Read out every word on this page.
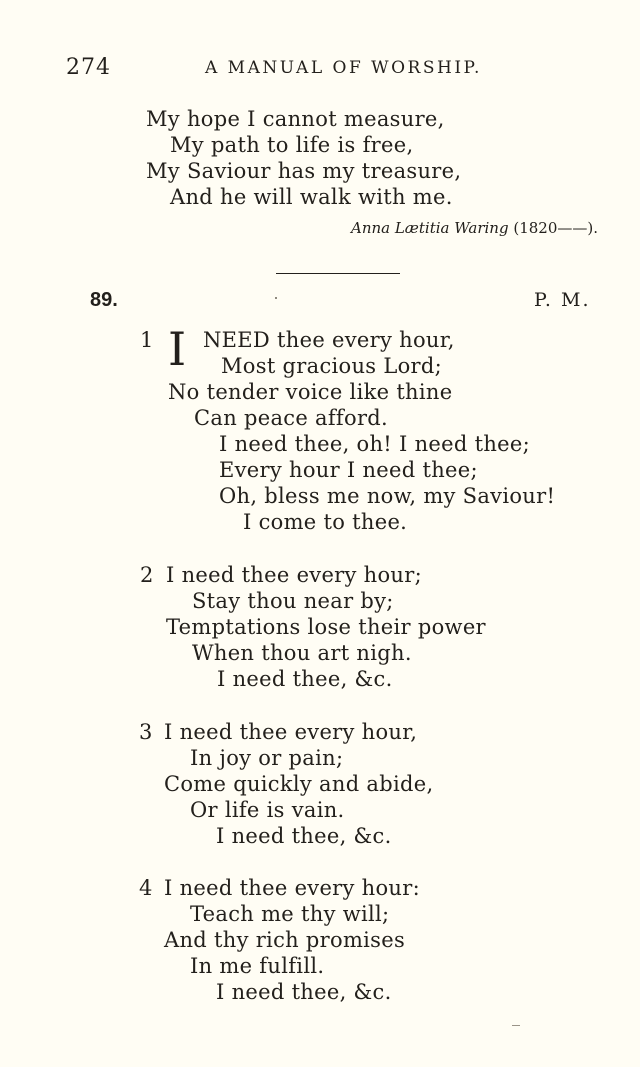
274	A MANUAL OF WORSHIP.
My hope I cannot measure,
My path to life is free,
My Saviour has my treasure,
And he will walk with me.
Anna Lætitia Waring (1820——).
89.	P. M.
1 I NEED thee every hour,
Most gracious Lord;
No tender voice like thine
Can peace afford.
I need thee, oh! I need thee;
Every hour I need thee;
Oh, bless me now, my Saviour!
I come to thee.
2 I need thee every hour;
Stay thou near by;
Temptations lose their power
When thou art nigh.
I need thee, &c.
3 I need thee every hour,
In joy or pain;
Come quickly and abide,
Or life is vain.
I need thee, &c.
4 I need thee every hour:
Teach me thy will;
And thy rich promises
In me fulfill.
I need thee, &c.
